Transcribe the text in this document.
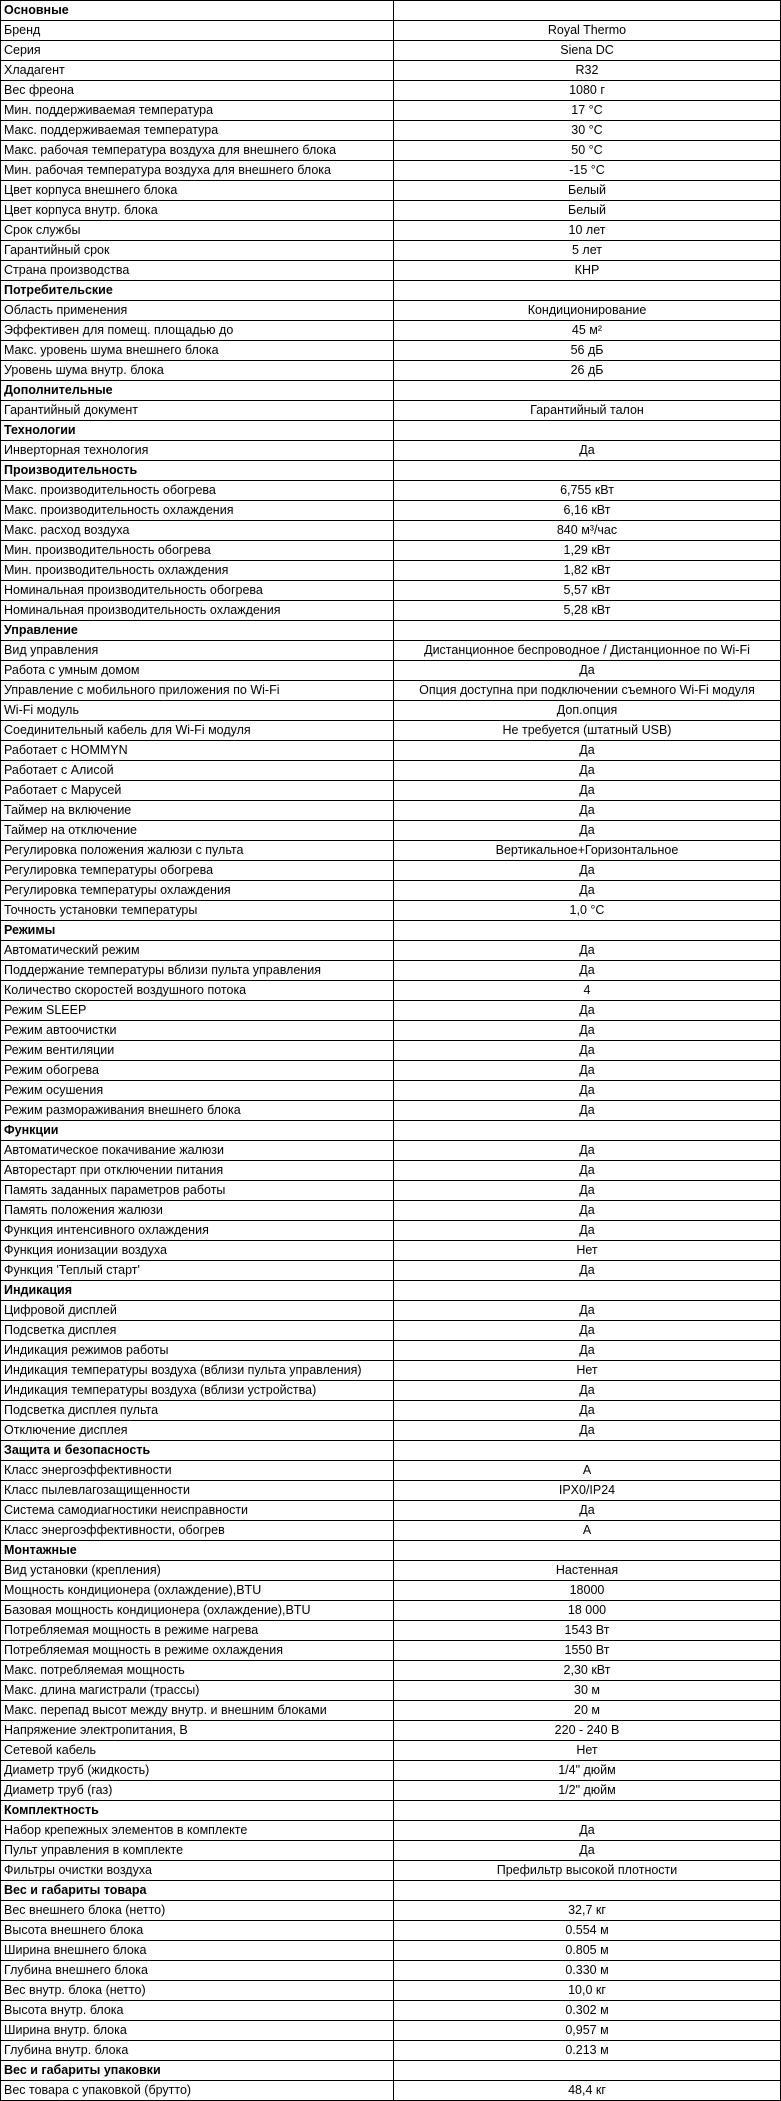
Основные	
Бренд	Royal Thermo
Серия	Siena DC
Хладагент	R32
Вес фреона	1080 г
Мин. поддерживаемая температура	17 °C
Макс. поддерживаемая температура	30 °C
Макс. рабочая температура воздуха для внешнего блока	50 °C
Мин. рабочая температура воздуха для внешнего блока	-15 °C
Цвет корпуса внешнего блока	Белый
Цвет корпуса внутр. блока	Белый
Срок службы	10 лет
Гарантийный срок	5 лет
Страна производства	КНР
Потребительские	
Область применения	Кондиционирование
Эффективен для помещ. площадью до	45 м²
Макс. уровень шума внешнего блока	56 дБ
Уровень шума внутр. блока	26 дБ
Дополнительные	
Гарантийный документ	Гарантийный талон
Технологии	
Инверторная технология	Да
Производительность	
Макс. производительность обогрева	6,755 кВт
Макс. производительность охлаждения	6,16 кВт
Макс. расход воздуха	840 м³/час
Мин. производительность обогрева	1,29 кВт
Мин. производительность охлаждения	1,82 кВт
Номинальная производительность обогрева	5,57 кВт
Номинальная производительность охлаждения	5,28 кВт
Управление	
Вид управления	Дистанционное беспроводное / Дистанционное по Wi-Fi
Работа с умным домом	Да
Управление с мобильного приложения по Wi-Fi	Опция доступна при подключении съемного Wi-Fi модуля
Wi-Fi модуль	Доп.опция
Соединительный кабель для Wi-Fi модуля	Не требуется (штатный USB)
Работает с HOMMYN	Да
Работает с Алисой	Да
Работает с Марусей	Да
Таймер на включение	Да
Таймер на отключение	Да
Регулировка положения жалюзи с пульта	Вертикальное+Горизонтальное
Регулировка температуры обогрева	Да
Регулировка температуры охлаждения	Да
Точность установки температуры	1,0 °C
Режимы	
Автоматический режим	Да
Поддержание температуры вблизи пульта управления	Да
Количество скоростей воздушного потока	4
Режим SLEEP	Да
Режим автоочистки	Да
Режим вентиляции	Да
Режим обогрева	Да
Режим осушения	Да
Режим размораживания внешнего блока	Да
Функции	
Автоматическое покачивание жалюзи	Да
Авторестарт при отключении питания	Да
Память заданных параметров работы	Да
Память положения жалюзи	Да
Функция интенсивного охлаждения	Да
Функция ионизации воздуха	Нет
Функция 'Теплый старт'	Да
Индикация	
Цифровой дисплей	Да
Подсветка дисплея	Да
Индикация режимов работы	Да
Индикация температуры воздуха (вблизи пульта управления)	Нет
Индикация температуры воздуха (вблизи устройства)	Да
Подсветка дисплея пульта	Да
Отключение дисплея	Да
Защита и безопасность	
Класс энергоэффективности	A
Класс пылевлагозащищенности	IPX0/IP24
Система самодиагностики неисправности	Да
Класс энергоэффективности, обогрев	A
Монтажные	
Вид установки (крепления)	Настенная
Мощность кондиционера (охлаждение),BTU	18000
Базовая мощность кондиционера (охлаждение),BTU	18 000
Потребляемая мощность в режиме нагрева	1543 Вт
Потребляемая мощность в режиме охлаждения	1550 Вт
Макс. потребляемая мощность	2,30 кВт
Макс. длина магистрали (трассы)	30 м
Макс. перепад высот между внутр. и внешним блоками	20 м
Напряжение электропитания, В	220 - 240 В
Сетевой кабель	Нет
Диаметр труб (жидкость)	1/4" дюйм
Диаметр труб (газ)	1/2" дюйм
Комплектность	
Набор крепежных элементов в комплекте	Да
Пульт управления в комплекте	Да
Фильтры очистки воздуха	Префильтр высокой плотности
Вес и габариты товара	
Вес внешнего блока (нетто)	32,7 кг
Высота внешнего блока	0.554 м
Ширина внешнего блока	0.805 м
Глубина внешнего блока	0.330 м
Вес внутр. блока (нетто)	10,0 кг
Высота внутр. блока	0.302 м
Ширина внутр. блока	0,957 м
Глубина внутр. блока	0.213 м
Вес и габариты упаковки	
Вес товара с упаковкой (брутто)	48,4 кг
